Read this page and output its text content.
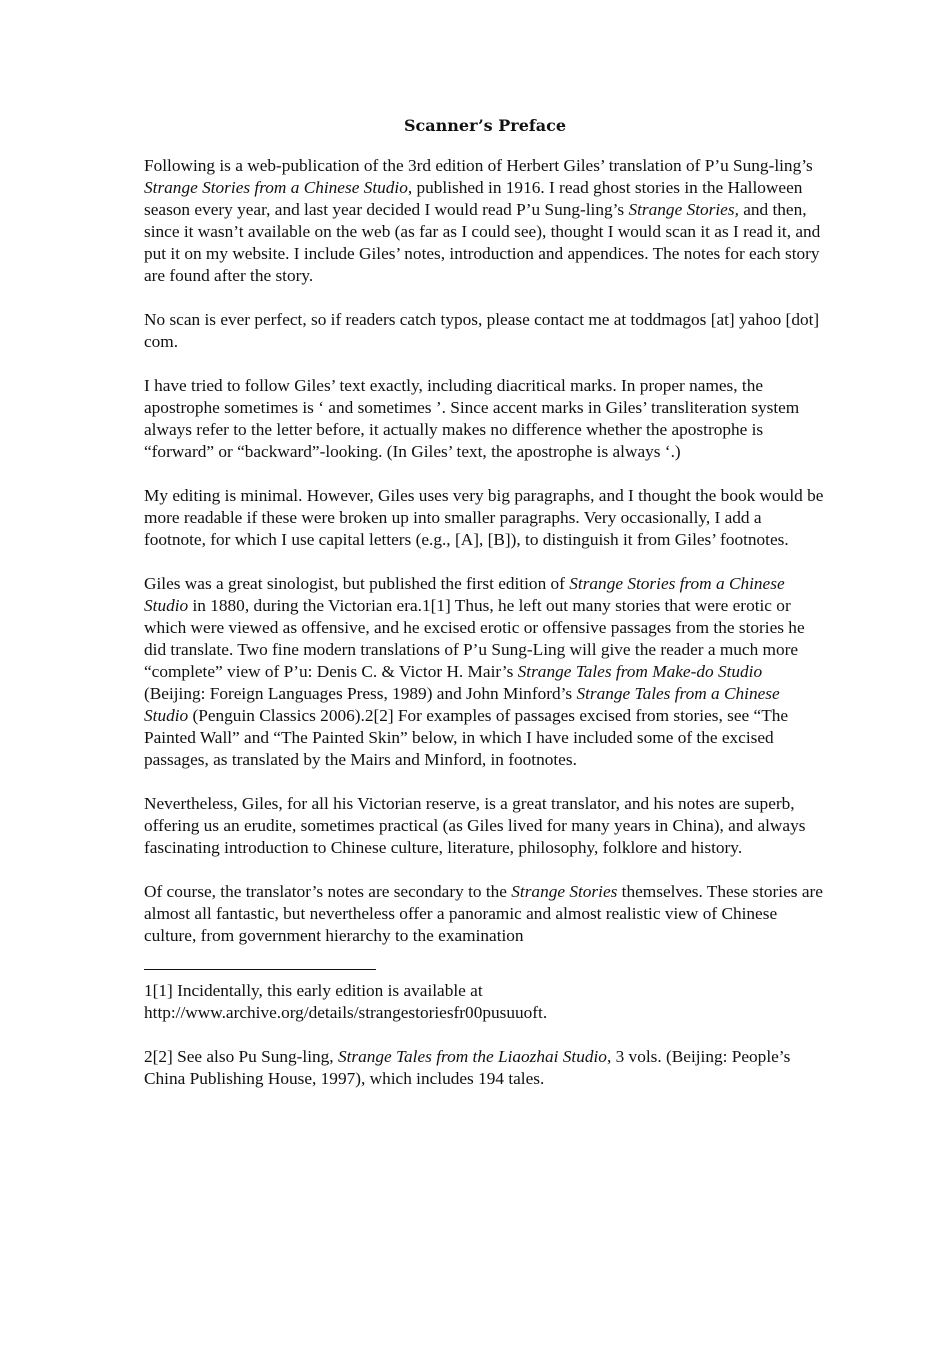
Scanner’s Preface

Following is a web-publication of the 3rd edition of Herbert Giles’ translation of P’u Sung-ling’s Strange Stories from a Chinese Studio, published in 1916. I read ghost stories in the Halloween season every year, and last year decided I would read P’u Sung-ling’s Strange Stories, and then, since it wasn’t available on the web (as far as I could see), thought I would scan it as I read it, and put it on my website. I include Giles’ notes, introduction and appendices. The notes for each story are found after the story.

No scan is ever perfect, so if readers catch typos, please contact me at toddmagos [at] yahoo [dot] com.

I have tried to follow Giles’ text exactly, including diacritical marks. In proper names, the apostrophe sometimes is ‘ and sometimes ’. Since accent marks in Giles’ transliteration system always refer to the letter before, it actually makes no difference whether the apostrophe is “forward” or “backward”-looking. (In Giles’ text, the apostrophe is always ‘.)

My editing is minimal. However, Giles uses very big paragraphs, and I thought the book would be more readable if these were broken up into smaller paragraphs. Very occasionally, I add a footnote, for which I use capital letters (e.g., [A], [B]), to distinguish it from Giles’ footnotes.

Giles was a great sinologist, but published the first edition of Strange Stories from a Chinese Studio in 1880, during the Victorian era.1[1] Thus, he left out many stories that were erotic or which were viewed as offensive, and he excised erotic or offensive passages from the stories he did translate. Two fine modern translations of P’u Sung-Ling will give the reader a much more “complete” view of P’u: Denis C. & Victor H. Mair’s Strange Tales from Make-do Studio (Beijing: Foreign Languages Press, 1989) and John Minford’s Strange Tales from a Chinese Studio (Penguin Classics 2006).2[2] For examples of passages excised from stories, see “The Painted Wall” and “The Painted Skin” below, in which I have included some of the excised passages, as translated by the Mairs and Minford, in footnotes.

Nevertheless, Giles, for all his Victorian reserve, is a great translator, and his notes are superb, offering us an erudite, sometimes practical (as Giles lived for many years in China), and always fascinating introduction to Chinese culture, literature, philosophy, folklore and history.

Of course, the translator’s notes are secondary to the Strange Stories themselves. These stories are almost all fantastic, but nevertheless offer a panoramic and almost realistic view of Chinese culture, from government hierarchy to the examination

1[1] Incidentally, this early edition is available at http://www.archive.org/details/strangestoriesfr00pusuuoft.

2[2] See also Pu Sung-ling, Strange Tales from the Liaozhai Studio, 3 vols. (Beijing: People’s China Publishing House, 1997), which includes 194 tales.
